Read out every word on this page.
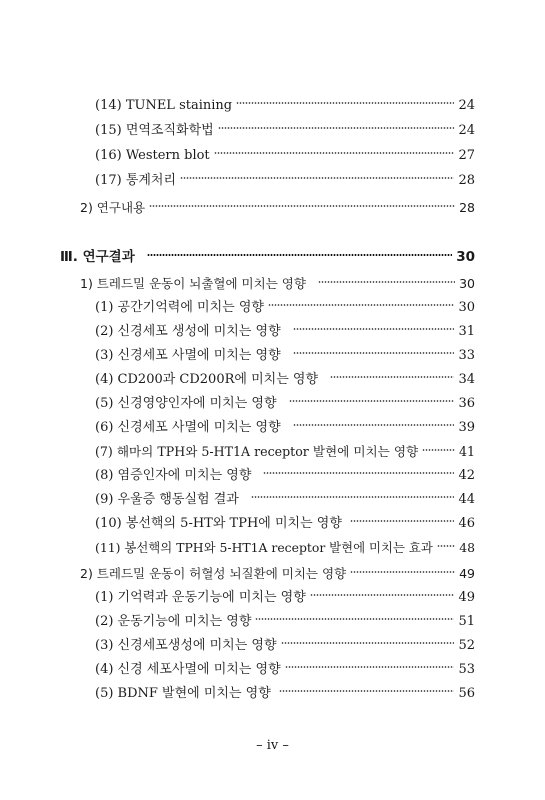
(14) TUNEL staining	24
(15) 면역조직화학법	24
(16) Western blot	27
(17) 통계처리	28
2) 연구내용	28
Ⅲ. 연구결과	30
1) 트레드밀 운동이 뇌출혈에 미치는 영향	30
(1) 공간기억력에 미치는 영향	30
(2) 신경세포 생성에 미치는 영향	31
(3) 신경세포 사멸에 미치는 영향	33
(4) CD200과 CD200R에 미치는 영향	34
(5) 신경영양인자에 미치는 영향	36
(6) 신경세포 사멸에 미치는 영향	39
(7) 해마의 TPH와 5-HT1A receptor 발현에 미치는 영향	41
(8) 염증인자에 미치는 영향	42
(9) 우울증 행동실험 결과	44
(10) 봉선핵의 5-HT와 TPH에 미치는 영향	46
(11) 봉선핵의 TPH와 5-HT1A receptor 발현에 미치는 효과 48
2) 트레드밀 운동이 허혈성 뇌질환에 미치는 영향	49
(1) 기억력과 운동기능에 미치는 영향	49
(2) 운동기능에 미치는 영향	51
(3) 신경세포생성에 미치는 영향	52
(4) 신경 세포사멸에 미치는 영향	53
(5) BDNF 발현에 미치는 영향	56
– iv –
